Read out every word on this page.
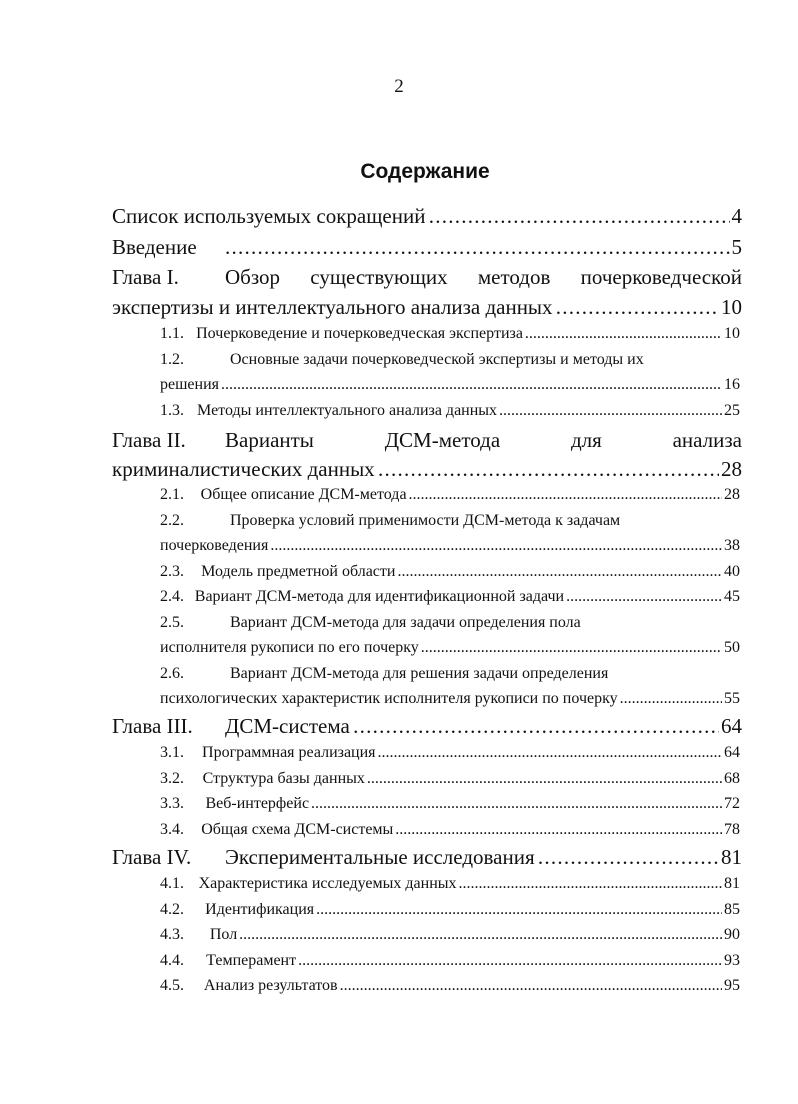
2
Содержание
Список используемых сокращений . . .	4
Введение . . .	5
Глава I.	Обзор существующих методов почерковедческой
экспертизы и интеллектуального анализа данных . . .	10
1.1. Почерковедение и почерковедческая экспертиза . . .	10
1.2.	Основные задачи почерковедческой экспертизы и методы их
решения . . .	16
1.3. Методы интеллектуального анализа данных . . .	25
Глава II.	Варианты ДСМ-метода для анализа
криминалистических данных . . .	28
2.1.	Общее описание ДСМ-метода . . .	28
2.2.	Проверка условий применимости ДСМ-метода к задачам
почерковедения . . .	38
2.3.	Модель предметной области . . .	40
2.4. Вариант ДСМ-метода для идентификационной задачи . . .	45
2.5.	Вариант ДСМ-метода для задачи определения пола
исполнителя рукописи по его почерку . . .	50
2.6.	Вариант ДСМ-метода для решения задачи определения
психологических характеристик исполнителя рукописи по почерку . . .	55
Глава III.	ДСМ-система . . .	64
3.1.	Программная реализация . . .	64
3.2.	Структура базы данных . . .	68
3.3.	Веб-интерфейс . . .	72
3.4.	Общая схема ДСМ-системы . . .	78
Глава IV.	Экспериментальные исследования . . .	81
4.1. Характеристика исследуемых данных . . .	81
4.2.	Идентификация . . .	85
4.3.	Пол . . .	90
4.4.	Темперамент . . .	93
4.5.	Анализ результатов . . .	95
